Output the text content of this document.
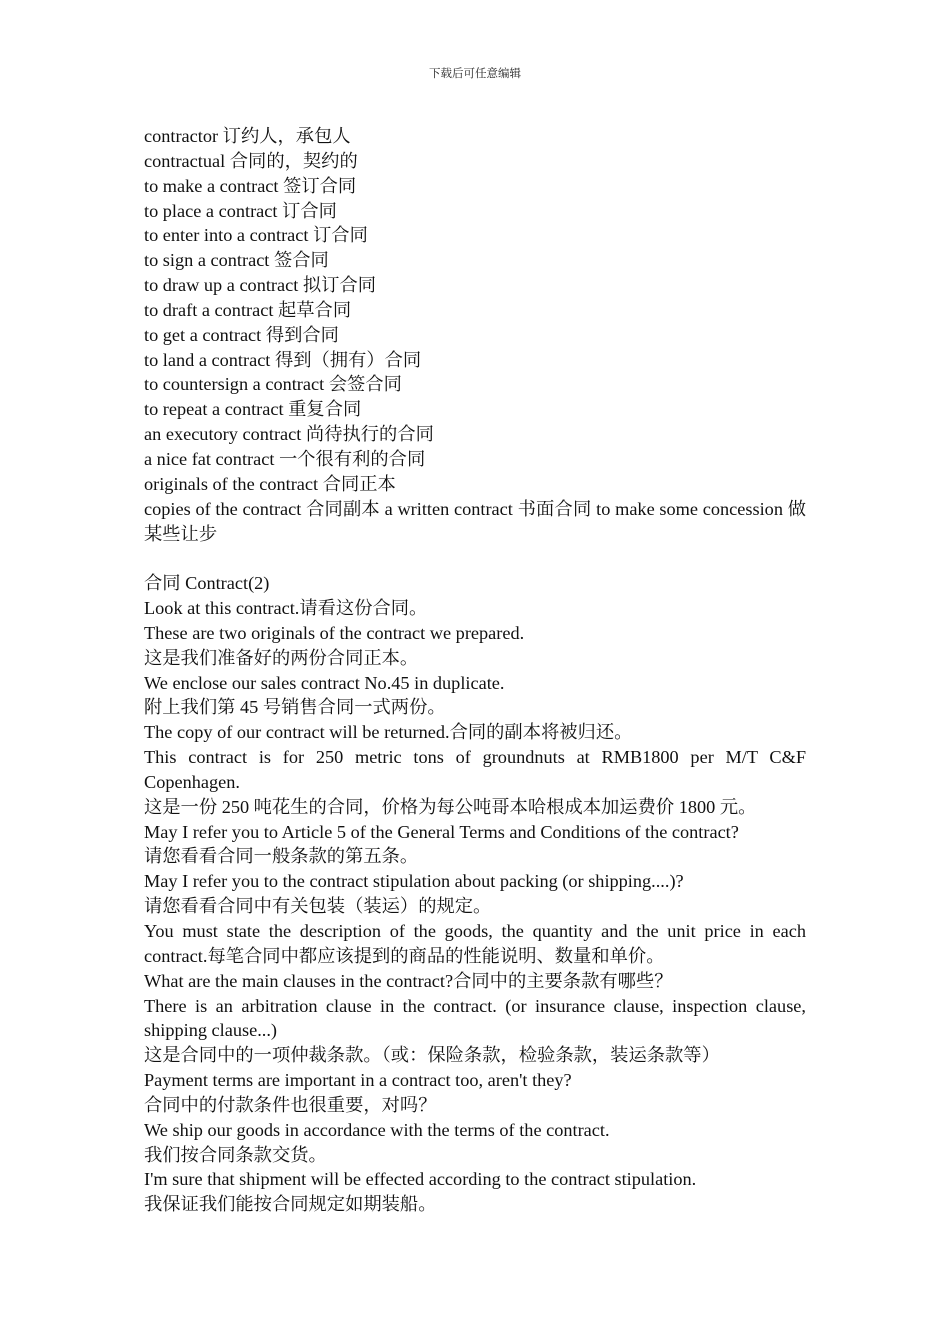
下载后可任意编辑
contractor 订约人，承包人
contractual 合同的，契约的
to make a contract 签订合同
to place a contract 订合同
to enter into a contract 订合同
to sign a contract 签合同
to draw up a contract 拟订合同
to draft a contract 起草合同
to get a contract 得到合同
to land a contract 得到（拥有）合同
to countersign a contract 会签合同
to repeat a contract 重复合同
an executory contract 尚待执行的合同
a nice fat contract 一个很有利的合同
originals of the contract 合同正本
copies of the contract 合同副本 a written contract 书面合同 to make some concession 做某些让步
合同 Contract(2)
Look at this contract.请看这份合同。
These are two originals of the contract we prepared.
这是我们准备好的两份合同正本。
We enclose our sales contract No.45 in duplicate.
附上我们第 45 号销售合同一式两份。
The copy of our contract will be returned.合同的副本将被归还。
This contract is for 250 metric tons of groundnuts at RMB1800 per M/T C&F Copenhagen.
这是一份 250 吨花生的合同，价格为每公吨哥本哈根成本加运费价 1800 元。
May I refer you to Article 5 of the General Terms and Conditions of the contract?
请您看看合同一般条款的第五条。
May I refer you to the contract stipulation about packing (or shipping....)?
请您看看合同中有关包装（装运）的规定。
You must state the description of the goods, the quantity and the unit price in each contract.每笔合同中都应该提到的商品的性能说明、数量和单价。
What are the main clauses in the contract?合同中的主要条款有哪些？
There is an arbitration clause in the contract. (or insurance clause, inspection clause, shipping clause...)
这是合同中的一项仲裁条款。（或：保险条款，检验条款，装运条款等）
Payment terms are important in a contract too, aren't they?
合同中的付款条件也很重要，对吗？
We ship our goods in accordance with the terms of the contract.
我们按合同条款交货。
I'm sure that shipment will be effected according to the contract stipulation.
我保证我们能按合同规定如期装船。
